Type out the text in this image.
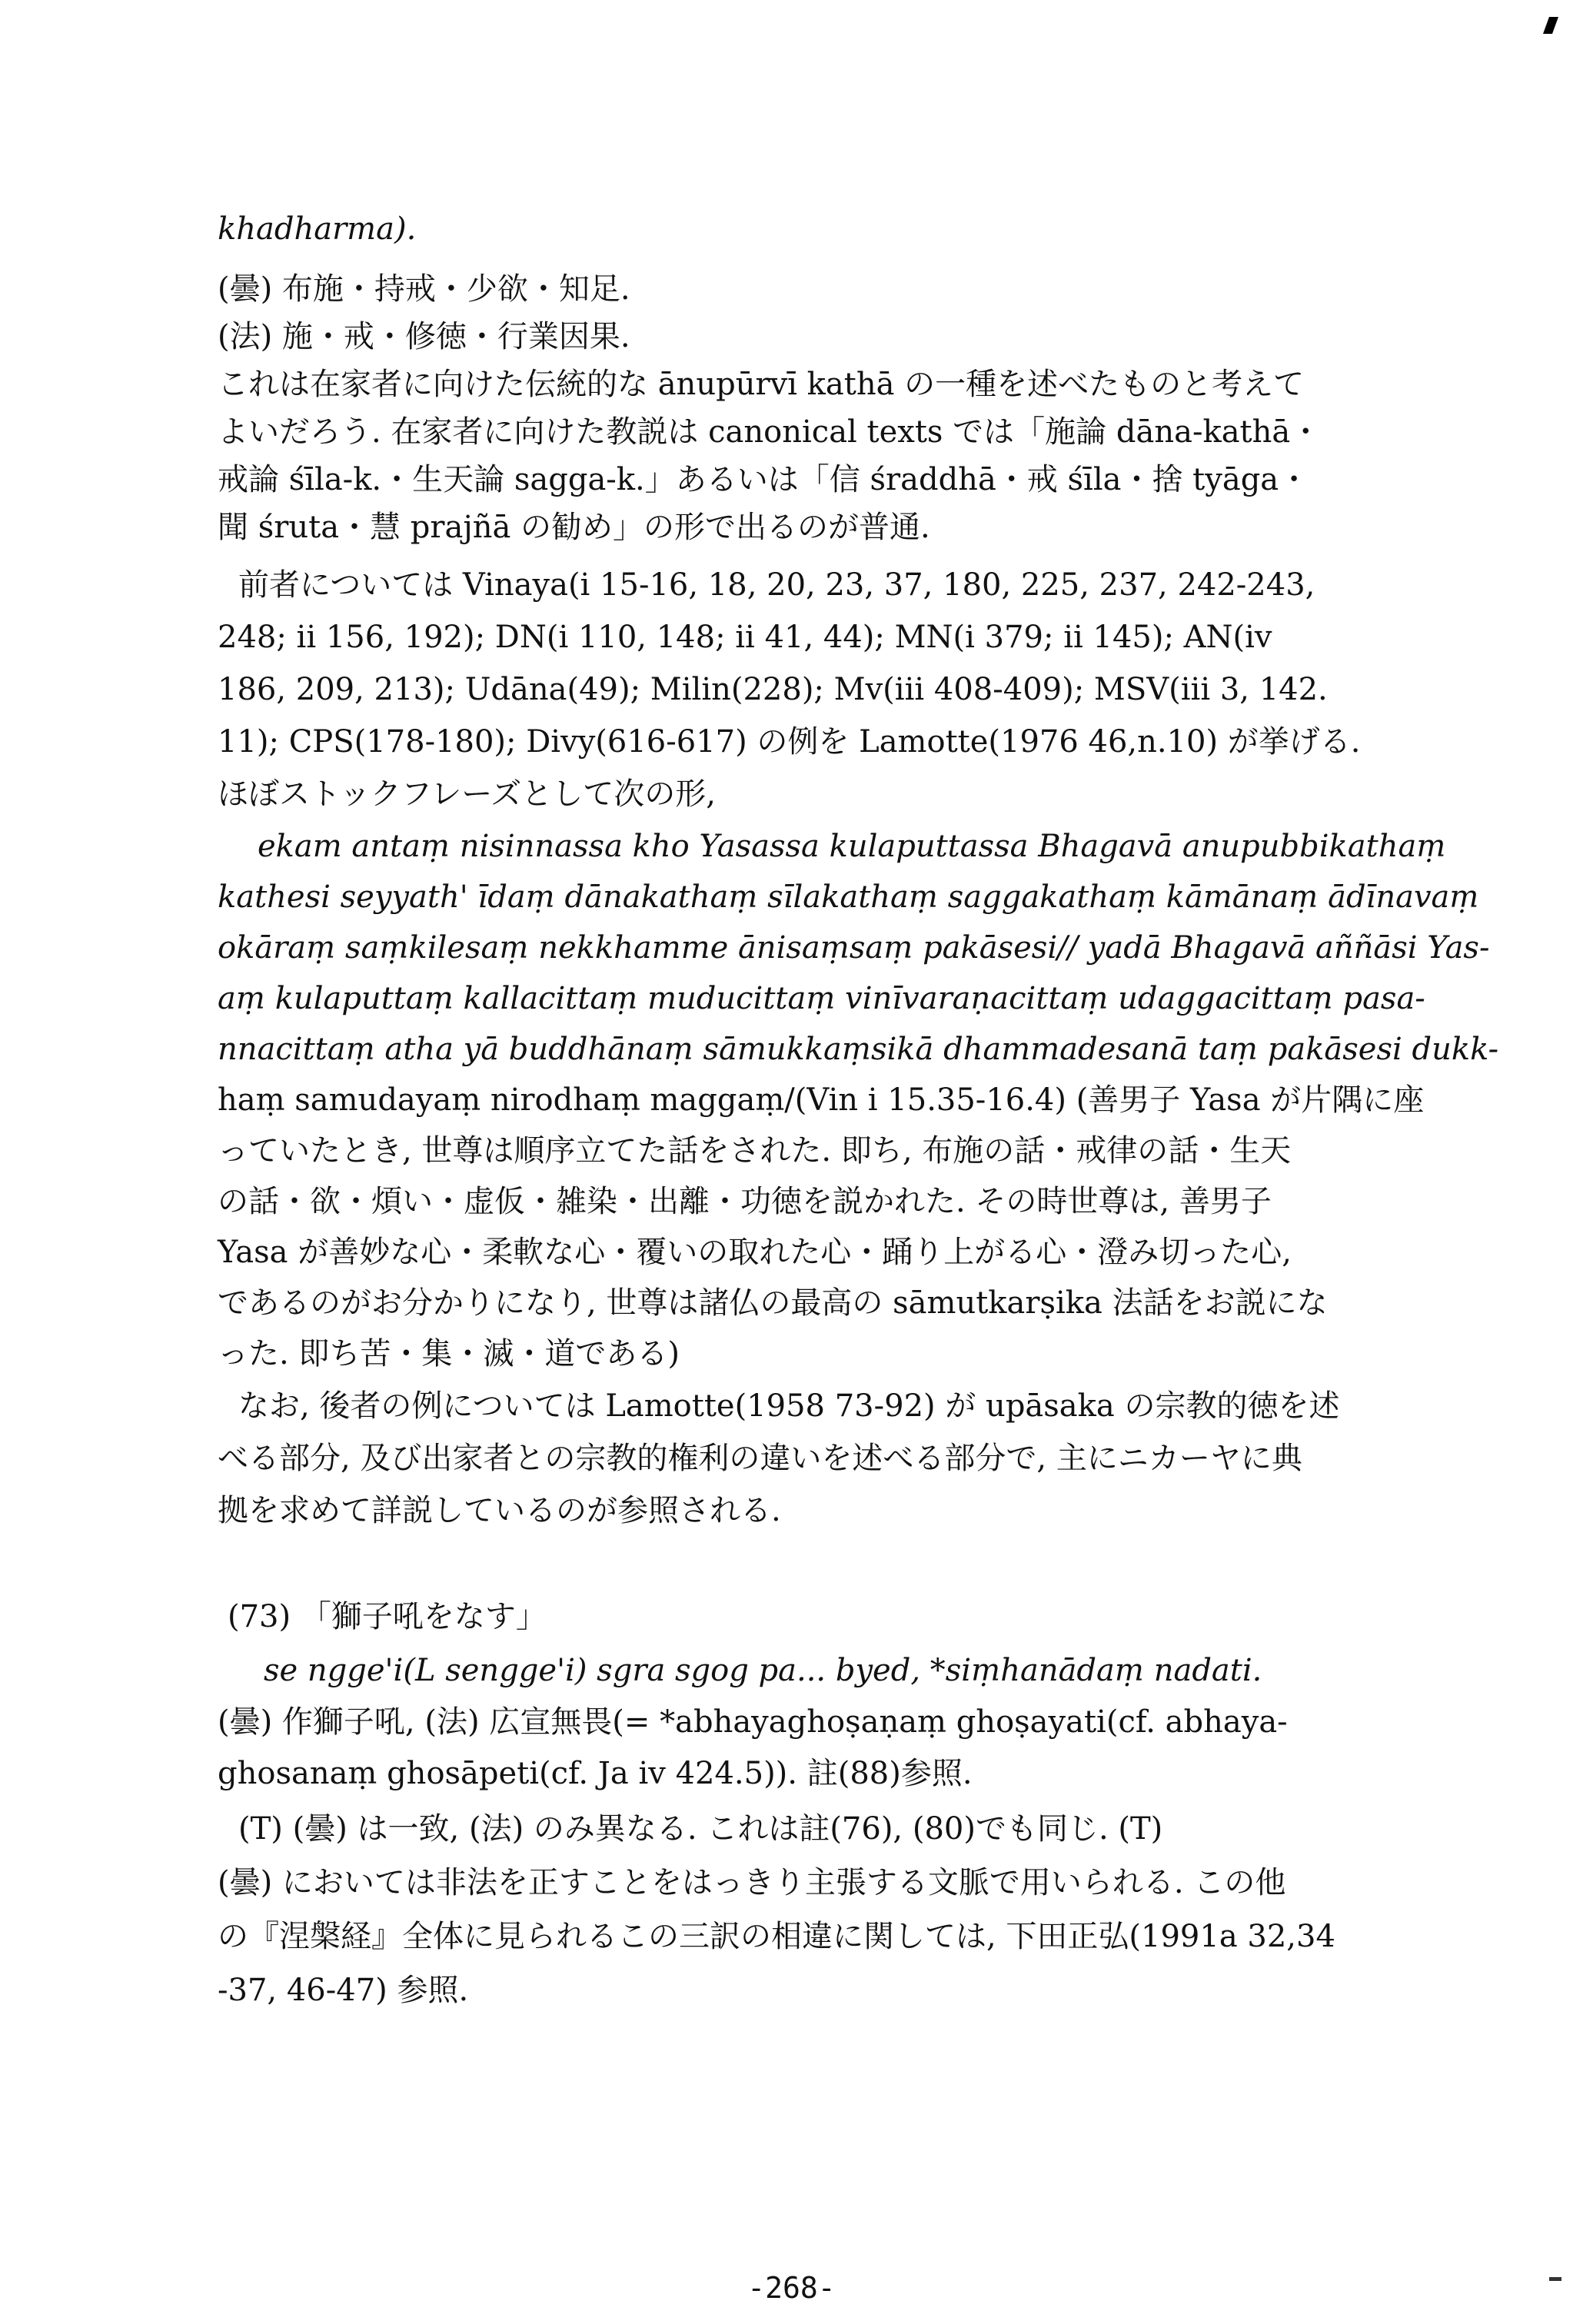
khadharma).
(曇) 布施・持戒・少欲・知足.
(法) 施・戒・修徳・行業因果.
これは在家者に向けた伝統的な ānupūrvī kathā の一種を述べたものと考えて
よいだろう. 在家者に向けた教説は canonical texts では「施論 dāna-kathā・
戒論 śīla-k.・生天論 sagga-k.」あるいは「信 śraddhā・戒 śīla・捨 tyāga・
聞 śruta・慧 prajñā の勧め」の形で出るのが普通.
前者については Vinaya(i 15-16, 18, 20, 23, 37, 180, 225, 237, 242-243,
248; ii 156, 192); DN(i 110, 148; ii 41, 44); MN(i 379; ii 145); AN(iv
186, 209, 213); Udāna(49); Milin(228); Mv(iii 408-409); MSV(iii 3, 142.
11); CPS(178-180); Divy(616-617) の例を Lamotte(1976 46,n.10) が挙げる.
ほぼストックフレーズとして次の形,
ekam antaṃ nisinnassa kho Yasassa kulaputtassa Bhagavā anupubbikathaṃ
kathesi seyyath' īdaṃ dānakathaṃ sīlakathaṃ saggakathaṃ kāmānaṃ ādīnavaṃ
okāraṃ saṃkilesaṃ nekkhamme ānisaṃsaṃ pakāsesi// yadā Bhagavā aññāsi Yas-
aṃ kulaputtaṃ kallacittaṃ muducittaṃ vinīvaraṇacittaṃ udaggacittaṃ pasa-
nnacittaṃ atha yā buddhānaṃ sāmukkaṃsikā dhammadesanā taṃ pakāsesi dukk-
haṃ samudayaṃ nirodhaṃ maggaṃ/(Vin i 15.35-16.4) (善男子 Yasa が片隅に座
っていたとき, 世尊は順序立てた話をされた. 即ち, 布施の話・戒律の話・生天
の話・欲・煩い・虚仮・雑染・出離・功徳を説かれた. その時世尊は, 善男子
Yasa が善妙な心・柔軟な心・覆いの取れた心・踊り上がる心・澄み切った心,
であるのがお分かりになり, 世尊は諸仏の最高の sāmutkarṣika 法話をお説にな
った. 即ち苦・集・滅・道である)
なお, 後者の例については Lamotte(1958 73-92) が upāsaka の宗教的徳を述
べる部分, 及び出家者との宗教的権利の違いを述べる部分で, 主にニカーヤに典
拠を求めて詳説しているのが参照される.
(73) 「獅子吼をなす」
se ngge'i(L sengge'i) sgra sgog pa... byed, *siṃhanādaṃ nadati.
(曇) 作獅子吼, (法) 広宣無畏(= *abhayaghoṣaṇaṃ ghoṣayati(cf. abhaya-
ghosanaṃ ghosāpeti(cf. Ja iv 424.5)). 註(88)参照.
(T) (曇) は一致, (法) のみ異なる. これは註(76), (80)でも同じ. (T)
(曇) においては非法を正すことをはっきり主張する文脈で用いられる. この他
の『涅槃経』全体に見られるこの三訳の相違に関しては, 下田正弘(1991a 32,34
-37, 46-47) 参照.
-268-
